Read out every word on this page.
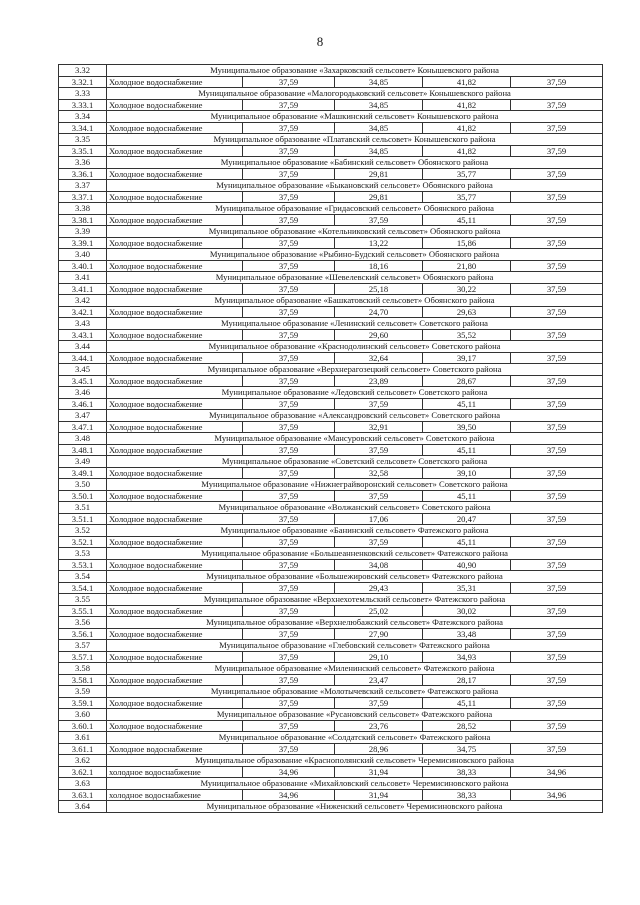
8
3.32	Муниципальное образование «Захарковский сельсовет» Конышевского района				
3.32.1	Холодное водоснабжение	37,59	34,85	41,82	37,59
3.33	Муниципальное образование «Малогородьковский сельсовет» Конышевского района				
3.33.1	Холодное водоснабжение	37,59	34,85	41,82	37,59
3.34	Муниципальное образование «Машкинский сельсовет» Конышевского района				
3.34.1	Холодное водоснабжение	37,59	34,85	41,82	37,59
3.35	Муниципальное образование «Платавский сельсовет» Конышевского района				
3.35.1	Холодное водоснабжение	37,59	34,85	41,82	37,59
3.36	Муниципальное образование «Бабинский сельсовет» Обоянского района				
3.36.1	Холодное водоснабжение	37,59	29,81	35,77	37,59
3.37	Муниципальное образование «Быкановский сельсовет» Обоянского района				
3.37.1	Холодное водоснабжение	37,59	29,81	35,77	37,59
3.38	Муниципальное образование «Гридасовский сельсовет» Обоянского района				
3.38.1	Холодное водоснабжение	37,59	37,59	45,11	37,59
3.39	Муниципальное образование «Котельниковский сельсовет» Обоянского района				
3.39.1	Холодное водоснабжение	37,59	13,22	15,86	37,59
3.40	Муниципальное образование «Рыбино-Будский сельсовет» Обоянского района				
3.40.1	Холодное водоснабжение	37,59	18,16	21,80	37,59
3.41	Муниципальное образование «Шевелевский сельсовет» Обоянского района				
3.41.1	Холодное водоснабжение	37,59	25,18	30,22	37,59
3.42	Муниципальное образование «Башкатовский сельсовет» Обоянского района				
3.42.1	Холодное водоснабжение	37,59	24,70	29,63	37,59
3.43	Муниципальное образование «Ленинский сельсовет» Советского района				
3.43.1	Холодное водоснабжение	37,59	29,60	35,52	37,59
3.44	Муниципальное образование «Краснодолинский сельсовет» Советского района				
3.44.1	Холодное водоснабжение	37,59	32,64	39,17	37,59
3.45	Муниципальное образование «Верхнерагозецкий сельсовет» Советского района				
3.45.1	Холодное водоснабжение	37,59	23,89	28,67	37,59
3.46	Муниципальное образование «Ледовский сельсовет» Советского района				
3.46.1	Холодное водоснабжение	37,59	37,59	45,11	37,59
3.47	Муниципальное образование «Александровский сельсовет» Советского района				
3.47.1	Холодное водоснабжение	37,59	32,91	39,50	37,59
3.48	Муниципальное образование «Мансуровский сельсовет» Советского района				
3.48.1	Холодное водоснабжение	37,59	37,59	45,11	37,59
3.49	Муниципальное образование «Советский сельсовет» Советского района				
3.49.1	Холодное водоснабжение	37,59	32,58	39,10	37,59
3.50	Муниципальное образование «Нижнеграйворонский сельсовет» Советского района				
3.50.1	Холодное водоснабжение	37,59	37,59	45,11	37,59
3.51	Муниципальное образование «Волжанский сельсовет» Советского района				
3.51.1	Холодное водоснабжение	37,59	17,06	20,47	37,59
3.52	Муниципальное образование «Банинский сельсовет» Фатежского района				
3.52.1	Холодное водоснабжение	37,59	37,59	45,11	37,59
3.53	Муниципальное образование «Большеанненковский сельсовет» Фатежского района				
3.53.1	Холодное водоснабжение	37,59	34,08	40,90	37,59
3.54	Муниципальное образование «Большежировский сельсовет» Фатежского района				
3.54.1	Холодное водоснабжение	37,59	29,43	35,31	37,59
3.55	Муниципальное образование «Верхнехотемльский сельсовет» Фатежского района				
3.55.1	Холодное водоснабжение	37,59	25,02	30,02	37,59
3.56	Муниципальное образование «Верхнелюбажский сельсовет» Фатежского района				
3.56.1	Холодное водоснабжение	37,59	27,90	33,48	37,59
3.57	Муниципальное образование «Глебовский сельсовет» Фатежского района				
3.57.1	Холодное водоснабжение	37,59	29,10	34,93	37,59
3.58	Муниципальное образование «Миленинский сельсовет» Фатежского района				
3.58.1	Холодное водоснабжение	37,59	23,47	28,17	37,59
3.59	Муниципальное образование «Молотычевский сельсовет» Фатежского района				
3.59.1	Холодное водоснабжение	37,59	37,59	45,11	37,59
3.60	Муниципальное образование «Русановский сельсовет» Фатежского района				
3.60.1	Холодное водоснабжение	37,59	23,76	28,52	37,59
3.61	Муниципальное образование «Солдатский сельсовет» Фатежского района				
3.61.1	Холодное водоснабжение	37,59	28,96	34,75	37,59
3.62	Муниципальное образование «Краснополянский сельсовет» Черемисиновского района				
3.62.1	холодное водоснабжение	34,96	31,94	38,33	34,96
3.63	Муниципальное образование «Михайловский сельсовет» Черемисиновского района				
3.63.1	холодное водоснабжение	34,96	31,94	38,33	34,96
3.64	Муниципальное образование «Ниженский сельсовет» Черемисиновского района				
